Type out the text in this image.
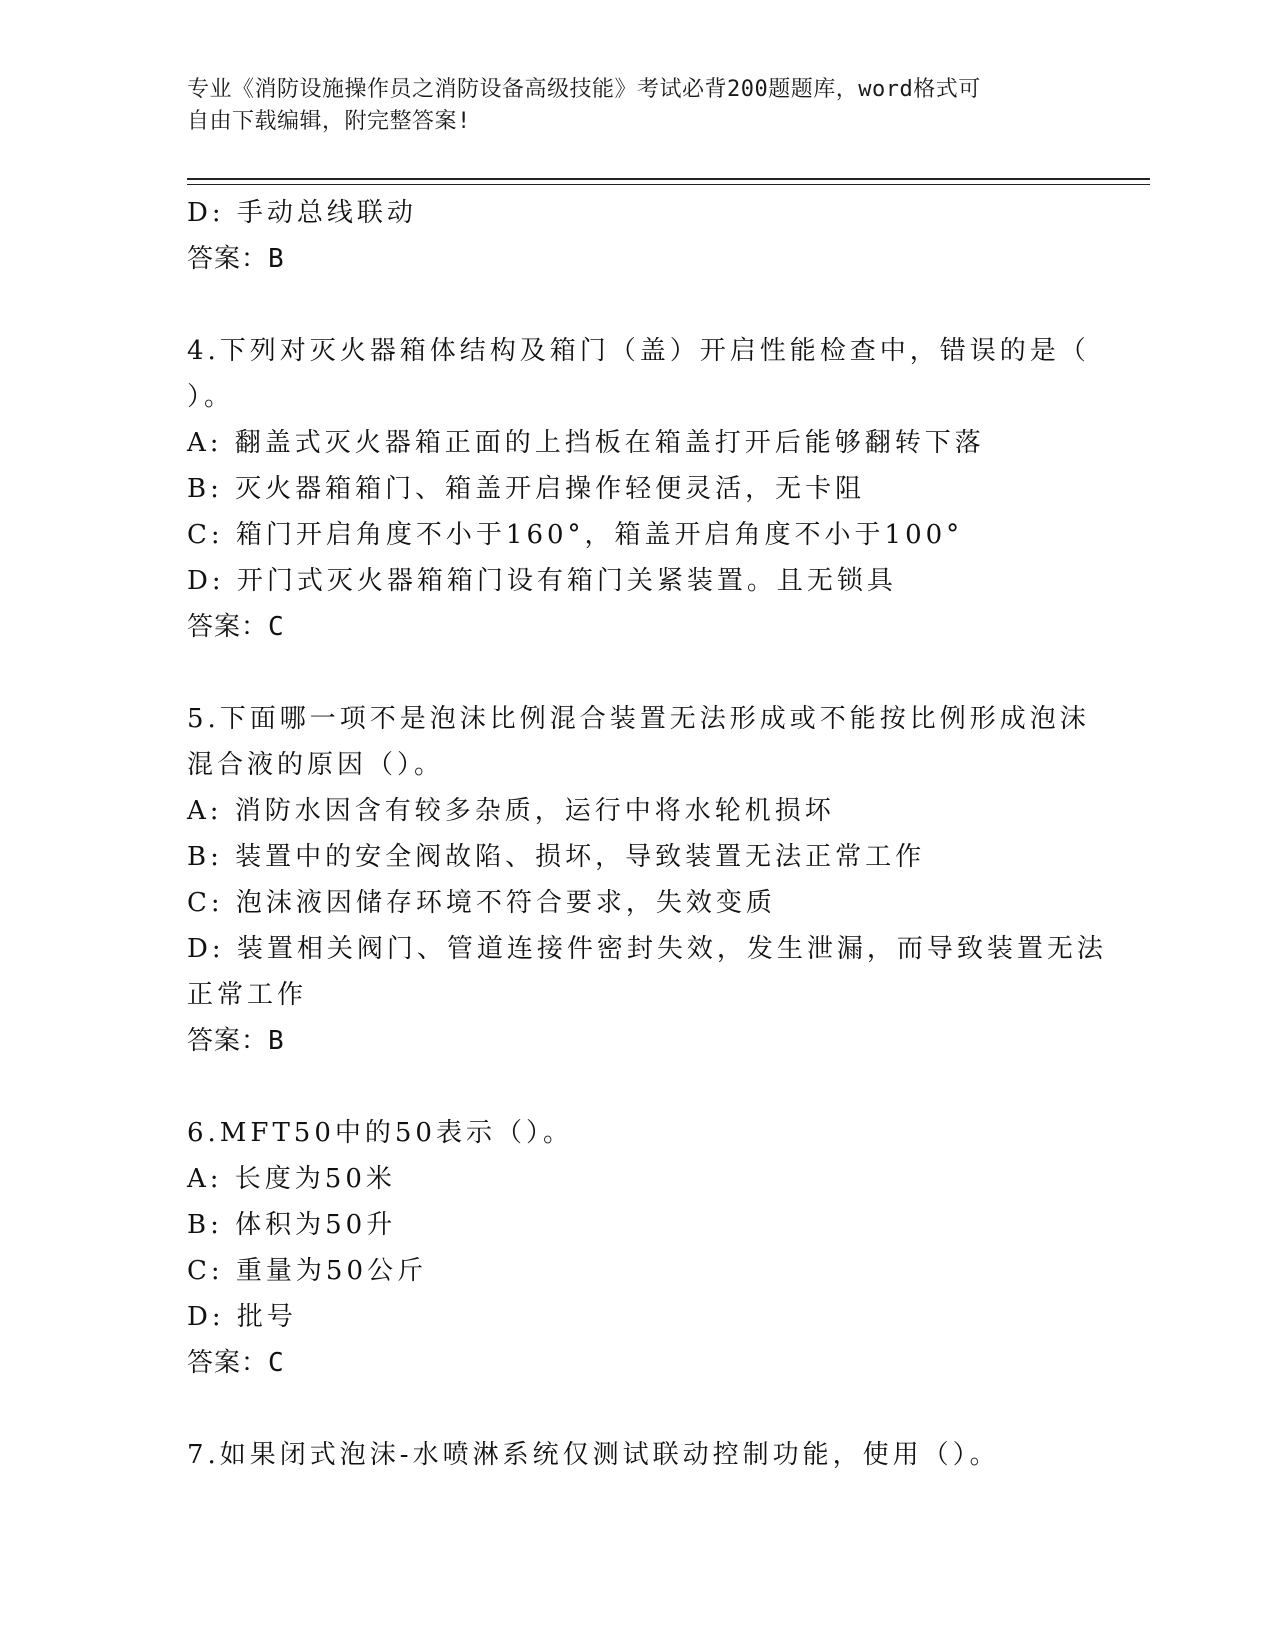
专业《消防设施操作员之消防设备高级技能》考试必背200题题库，word格式可
自由下载编辑，附完整答案!
D: 手动总线联动
答案：B
4.下列对灭火器箱体结构及箱门（盖）开启性能检查中，错误的是（
）。
A: 翻盖式灭火器箱正面的上挡板在箱盖打开后能够翻转下落
B: 灭火器箱箱门、箱盖开启操作轻便灵活，无卡阻
C: 箱门开启角度不小于160°，箱盖开启角度不小于100°
D: 开门式灭火器箱箱门设有箱门关紧装置。且无锁具
答案：C
5.下面哪一项不是泡沫比例混合装置无法形成或不能按比例形成泡沫
混合液的原因（）。
A: 消防水因含有较多杂质，运行中将水轮机损坏
B: 装置中的安全阀故陷、损坏，导致装置无法正常工作
C: 泡沫液因储存环境不符合要求，失效变质
D: 装置相关阀门、管道连接件密封失效，发生泄漏，而导致装置无法
正常工作
答案：B
6.MFT50中的50表示（）。
A: 长度为50米
B: 体积为50升
C: 重量为50公斤
D: 批号
答案：C
7.如果闭式泡沫-水喷淋系统仅测试联动控制功能，使用（）。
